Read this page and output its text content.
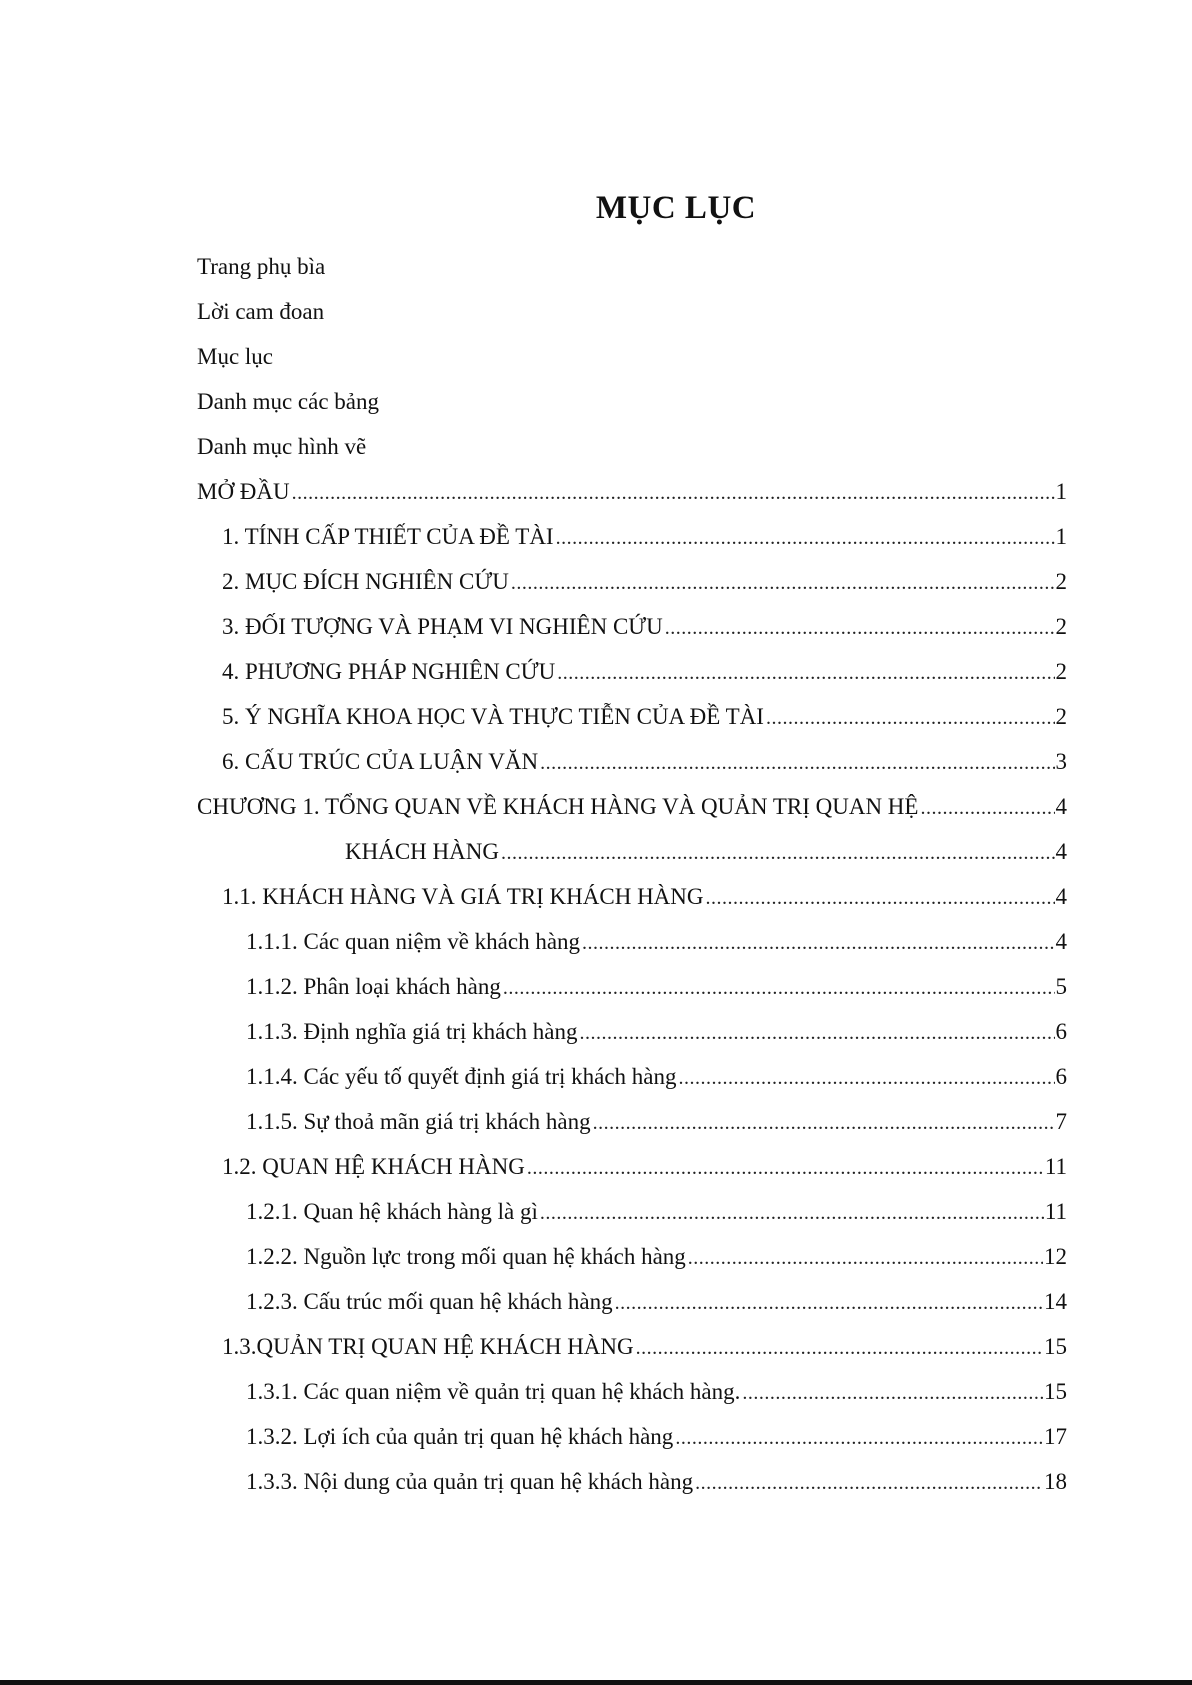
MỤC LỤC
Trang phụ bìa
Lời cam đoan
Mục lục
Danh mục các bảng
Danh mục hình vẽ
MỞ ĐẦU .....	1
1. TÍNH CẤP THIẾT CỦA ĐỀ TÀI .....	1
2. MỤC ĐÍCH NGHIÊN CỨU .....	2
3. ĐỐI TƯỢNG VÀ PHẠM VI NGHIÊN CỨU .....	2
4. PHƯƠNG PHÁP NGHIÊN CỨU .....	2
5. Ý NGHĨA KHOA HỌC VÀ THỰC TIỄN CỦA ĐỀ TÀI .....	2
6. CẤU TRÚC CỦA LUẬN VĂN .....	3
CHƯƠNG 1. TỔNG QUAN VỀ KHÁCH HÀNG VÀ QUẢN TRỊ QUAN HỆ .....	4
KHÁCH HÀNG .....	4
1.1. KHÁCH HÀNG VÀ GIÁ TRỊ KHÁCH HÀNG .....	4
1.1.1. Các quan niệm về khách hàng .....	4
1.1.2. Phân loại khách hàng .....	5
1.1.3. Định nghĩa giá trị khách hàng .....	6
1.1.4. Các yếu tố quyết định giá trị khách hàng .....	6
1.1.5. Sự thoả mãn giá trị khách hàng .....	7
1.2. QUAN HỆ KHÁCH HÀNG .....	11
1.2.1. Quan hệ khách hàng là gì .....	11
1.2.2. Nguồn lực trong mối quan hệ khách hàng .....	12
1.2.3. Cấu trúc mối quan hệ khách hàng .....	14
1.3.QUẢN TRỊ QUAN HỆ KHÁCH HÀNG .....	15
1.3.1. Các quan niệm về quản trị quan hệ khách hàng. .....	15
1.3.2. Lợi ích của quản trị quan hệ khách hàng .....	17
1.3.3. Nội dung của quản trị quan hệ khách hàng .....	18
